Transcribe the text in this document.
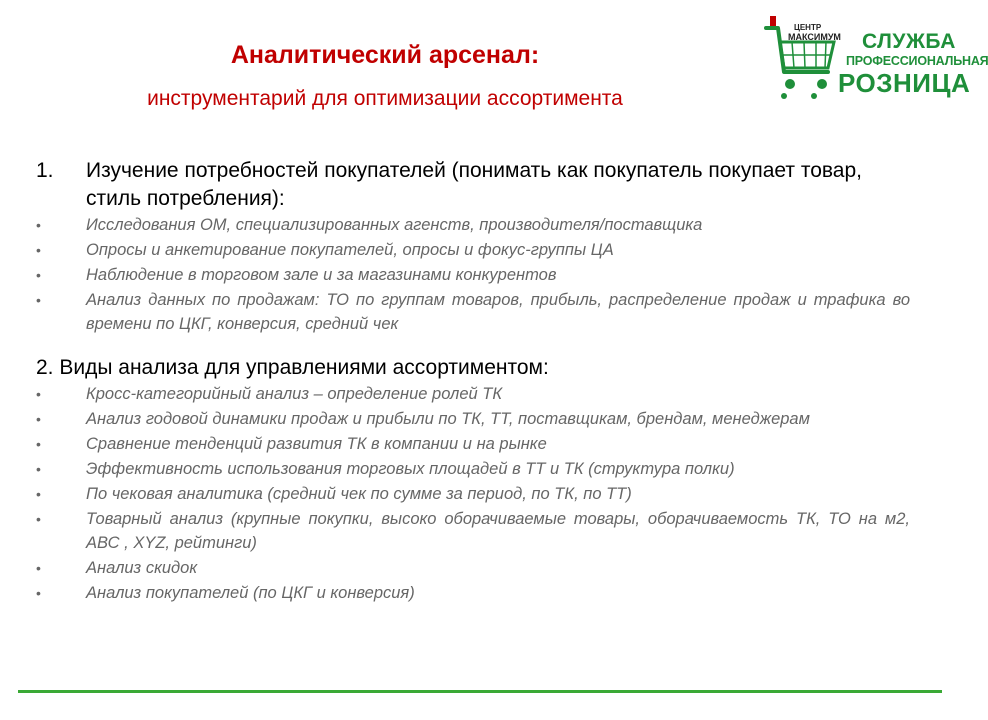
Аналитический арсенал:
инструментарий для оптимизации ассортимента
ЦЕНТР
МАКСИМУМ СЛУЖБА
ПРОФЕССИОНАЛЬНАЯ
РОЗНИЦА
1.	Изучение потребностей покупателей (понимать как покупатель покупает товар, стиль потребления):
•	Исследования ОМ, специализированных агенств, производителя/поставщика
•	Опросы и анкетирование покупателей, опросы и фокус-группы ЦА
•	Наблюдение в торговом зале и за магазинами конкурентов
•	Анализ данных по продажам: ТО по группам товаров, прибыль, распределение продаж и трафика во времени по ЦКГ, конверсия, средний чек
2. Виды анализа для управлениями ассортиментом:
•	Кросс-категорийный анализ – определение ролей ТК
•	Анализ годовой динамики продаж и прибыли по ТК, ТТ, поставщикам, брендам, менеджерам
•	Сравнение тенденций развития ТК в компании и на рынке
•	Эффективность использования торговых площадей в ТТ и ТК (структура полки)
•	По чековая аналитика (средний чек по сумме за период, по ТК, по ТТ)
•	Товарный анализ (крупные покупки, высоко оборачиваемые товары, оборачиваемость ТК, ТО на м2, АВС , XYZ, рейтинги)
•	Анализ скидок
•	Анализ покупателей (по ЦКГ и конверсия)
